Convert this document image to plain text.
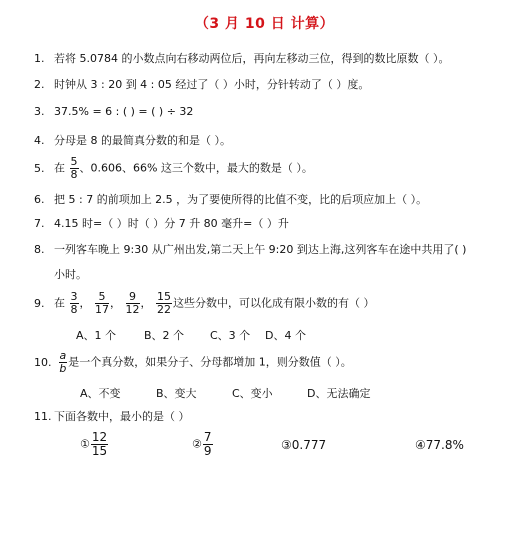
（3 月 10 日 计算）
1. 若将 5.0784 的小数点向右移动两位后，再向左移动三位，得到的数比原数（ ）。
2. 时钟从 3 : 20 到 4 : 05 经过了（ ）小时，分针转动了（ ）度。
3. 37.5% = 6 : ( ) = ( ) ÷ 32
4. 分母是 8 的最简真分数的和是（ ）。
5. 在 $\frac{5}{8}$ 、0.606、66% 这三个数中，最大的数是（ ）。
6. 把 5 : 7 的前项加上 2.5 ，为了要使所得的比值不变，比的后项应加上（ ）。
7. 4.15 时=（ ）时（ ）分 7 升 80 毫升=（ ）升
8. 一列客车晚上 9:30 从广州出发,第二天上午 9:20 到达上海,这列客车在途中共用了( )
小时。
9. 在 $\frac{3}{8}$ ， $\frac{5}{17}$ ， $\frac{9}{12}$ ， $\frac{15}{22}$ 这些分数中，可以化成有限小数的有（ ）
A、1 个	B、2 个 C、3 个 D、4 个
10. $\frac{a}{b}$ 是一个真分数，如果分子、分母都增加 1，则分数值（ ）。
A、不变	B、变大	C、变小	D、无法确定
11. 下面各数中，最小的是（ ）
① $\frac{12}{15}$	② $\frac{7}{9}$	③0.777	④77.8%
